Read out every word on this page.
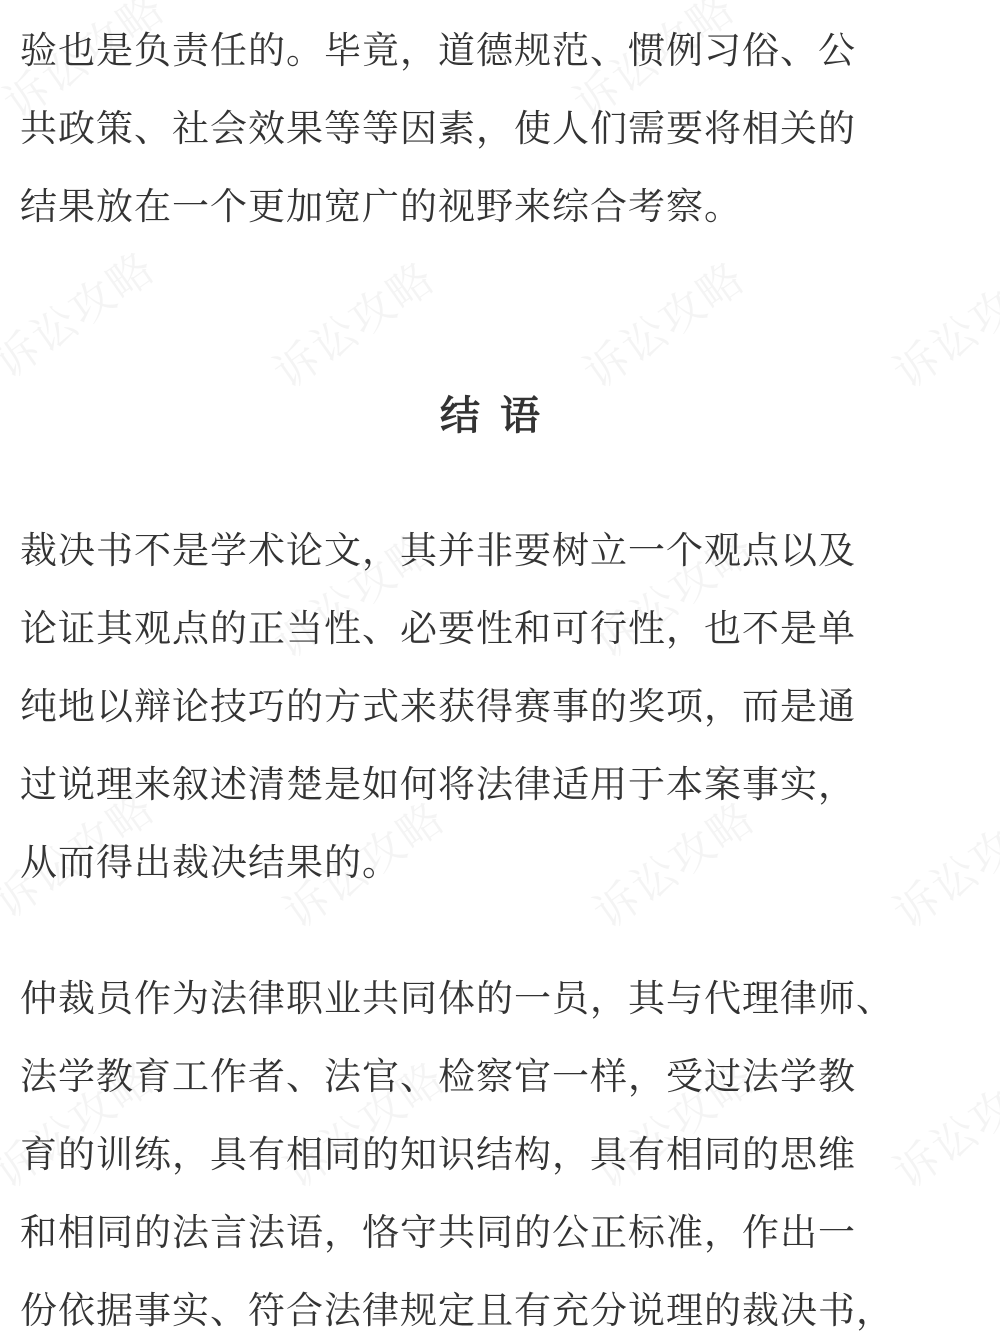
验也是负责任的。毕竟，道德规范、惯例习俗、公
共政策、社会效果等等因素，使人们需要将相关的
结果放在一个更加宽广的视野来综合考察。
结语
裁决书不是学术论文，其并非要树立一个观点以及
论证其观点的正当性、必要性和可行性，也不是单
纯地以辩论技巧的方式来获得赛事的奖项，而是通
过说理来叙述清楚是如何将法律适用于本案事实，
从而得出裁决结果的。
仲裁员作为法律职业共同体的一员，其与代理律师、
法学教育工作者、法官、检察官一样，受过法学教
育的训练，具有相同的知识结构，具有相同的思维
和相同的法言法语，恪守共同的公正标准，作出一
份依据事实、符合法律规定且有充分说理的裁决书，
